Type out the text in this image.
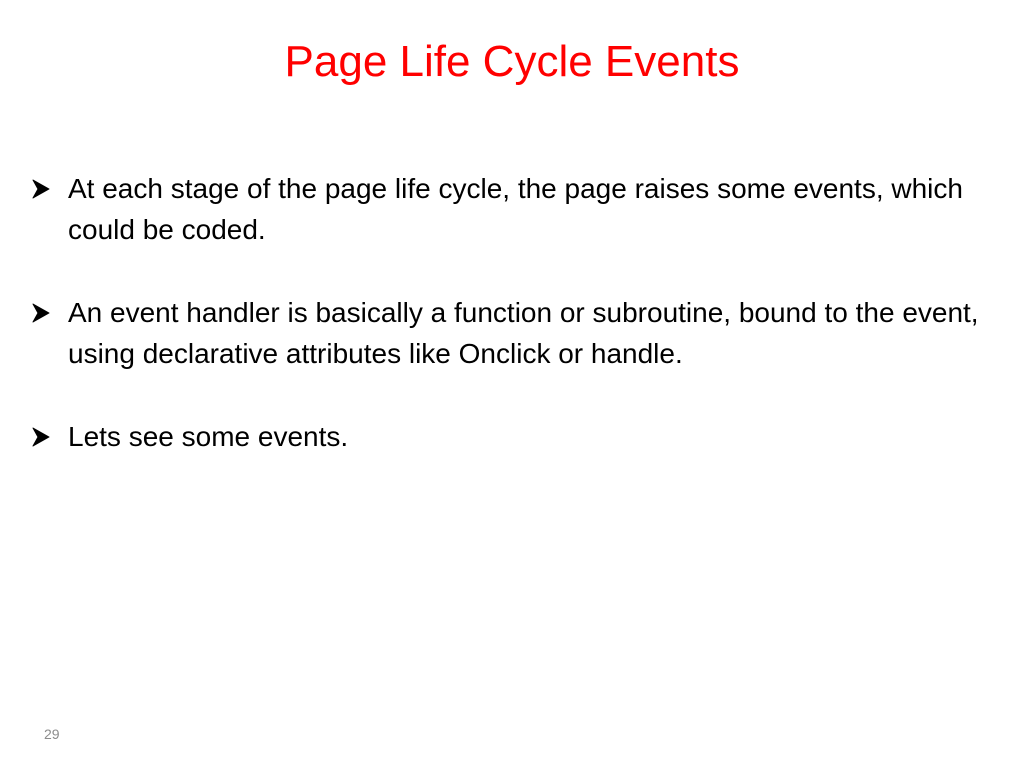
Page Life Cycle Events
At each stage of the page life cycle, the page raises some events, which could be coded.
An event handler is basically a function or subroutine, bound to the event, using declarative attributes like Onclick or handle.
Lets see some events.
29
